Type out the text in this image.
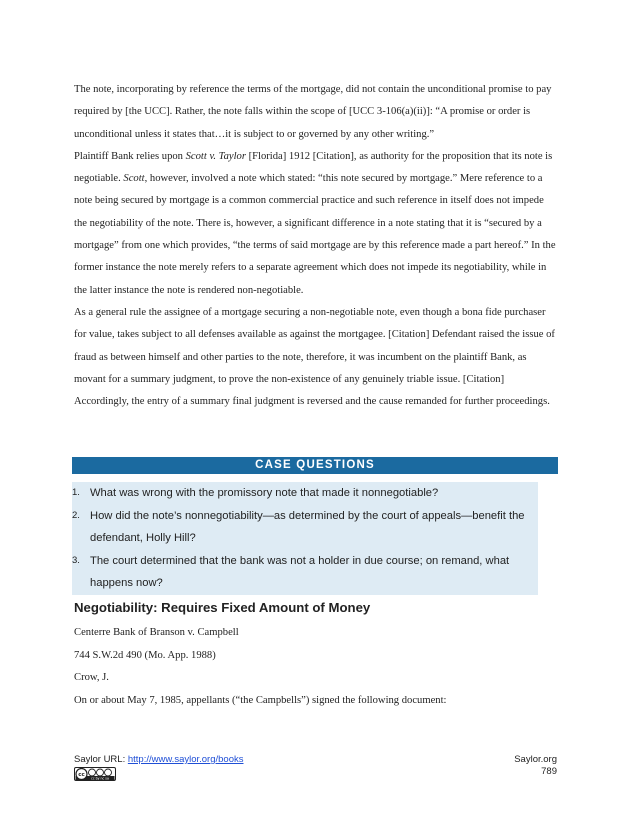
The note, incorporating by reference the terms of the mortgage, did not contain the unconditional promise to pay required by [the UCC]. Rather, the note falls within the scope of [UCC 3-106(a)(ii)]: “A promise or order is unconditional unless it states that…it is subject to or governed by any other writing.”

Plaintiff Bank relies upon Scott v. Taylor [Florida] 1912 [Citation], as authority for the proposition that its note is negotiable. Scott, however, involved a note which stated: “this note secured by mortgage.” Mere reference to a note being secured by mortgage is a common commercial practice and such reference in itself does not impede the negotiability of the note. There is, however, a significant difference in a note stating that it is “secured by a mortgage” from one which provides, “the terms of said mortgage are by this reference made a part hereof.” In the former instance the note merely refers to a separate agreement which does not impede its negotiability, while in the latter instance the note is rendered non-negotiable.

As a general rule the assignee of a mortgage securing a non-negotiable note, even though a bona fide purchaser for value, takes subject to all defenses available as against the mortgagee. [Citation] Defendant raised the issue of fraud as between himself and other parties to the note, therefore, it was incumbent on the plaintiff Bank, as movant for a summary judgment, to prove the non-existence of any genuinely triable issue. [Citation]

Accordingly, the entry of a summary final judgment is reversed and the cause remanded for further proceedings.

CASE QUESTIONS
1. What was wrong with the promissory note that made it nonnegotiable?
2. How did the note’s nonnegotiability—as determined by the court of appeals—benefit the defendant, Holly Hill?
3. The court determined that the bank was not a holder in due course; on remand, what happens now?
Negotiability: Requires Fixed Amount of Money

Centerre Bank of Branson v. Campbell

744 S.W.2d 490 (Mo. App. 1988)

Crow, J.

On or about May 7, 1985, appellants (“the Campbells”) signed the following document:

Saylor URL: http://www.saylor.org/books
cc
cc by nc sa
Saylor.org
789
